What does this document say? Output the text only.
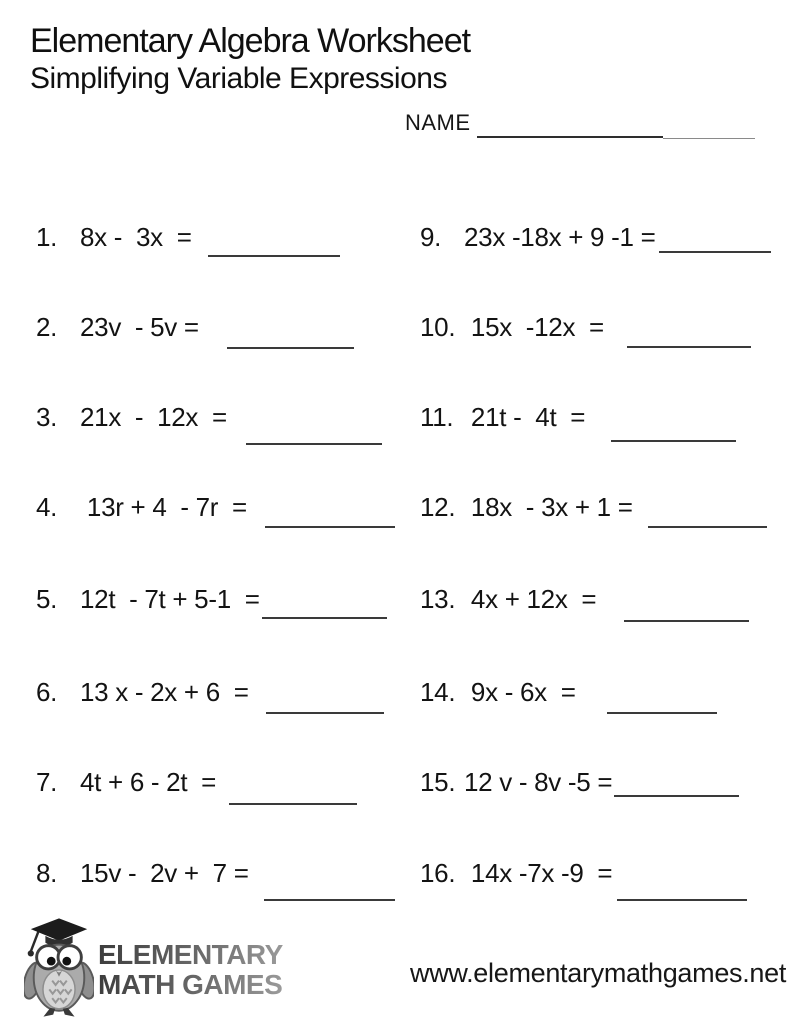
Elementary Algebra Worksheet
Simplifying Variable Expressions
NAME
1. 8x -  3x  =
2. 23v  - 5v =
3. 21x  -  12x  =
4. 13r + 4  - 7r  =
5. 12t  - 7t + 5-1  =
6. 13 x - 2x + 6  =
7. 4t + 6 - 2t  =
8. 15v -  2v +  7 =
9. 23x -18x + 9 -1 =
10. 15x  -12x  =
11. 21t -  4t  =
12. 18x  - 3x + 1 =
13. 4x + 12x  =
14. 9x - 6x  =
15. 12 v - 8v -5 =
16. 14x -7x -9  =
ELEMENTARY
MATH GAMES	www.elementarymathgames.net
